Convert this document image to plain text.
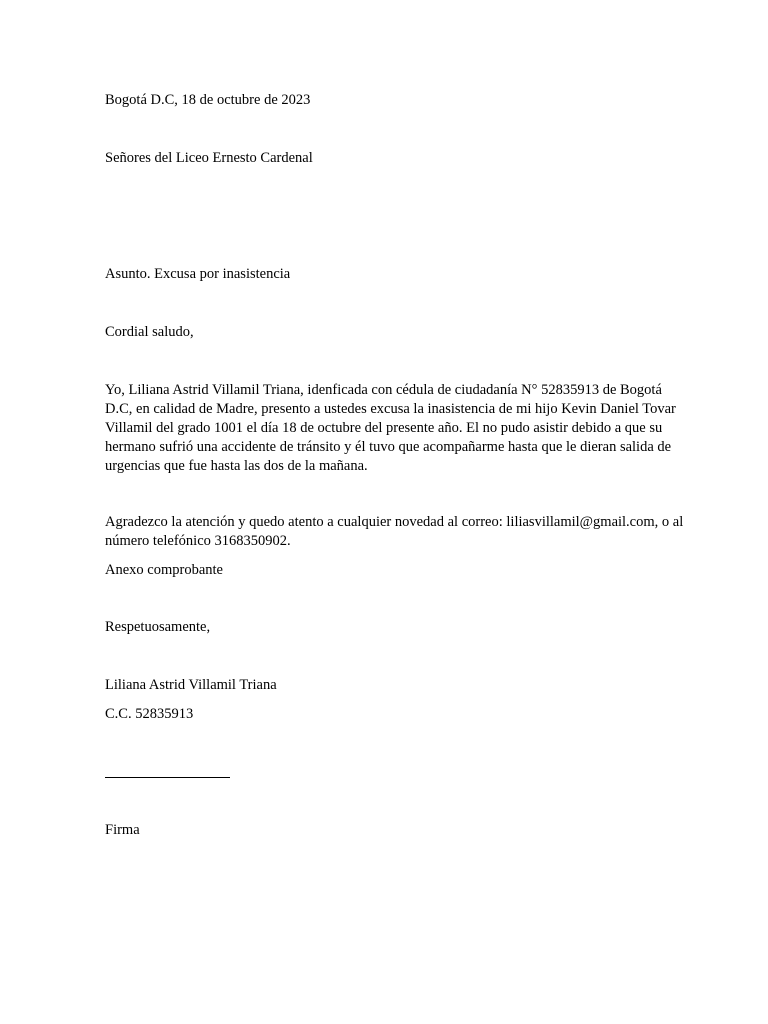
Bogotá D.C, 18 de octubre de 2023
Señores del Liceo Ernesto Cardenal
Asunto. Excusa por inasistencia
Cordial saludo,
Yo, Liliana Astrid Villamil Triana, idenficada con cédula de ciudadanía N° 52835913 de Bogotá
D.C, en calidad de Madre, presento a ustedes excusa la inasistencia de mi hijo Kevin Daniel Tovar
Villamil del grado 1001 el día 18 de octubre del presente año. El no pudo asistir debido a que su
hermano sufrió una accidente de tránsito y él tuvo que acompañarme hasta que le dieran salida de
urgencias que fue hasta las dos de la mañana.
Agradezco la atención y quedo atento a cualquier novedad al correo: liliasvillamil@gmail.com, o al
número telefónico 3168350902.
Anexo comprobante
Respetuosamente,
Liliana Astrid Villamil Triana
C.C. 52835913
Firma
